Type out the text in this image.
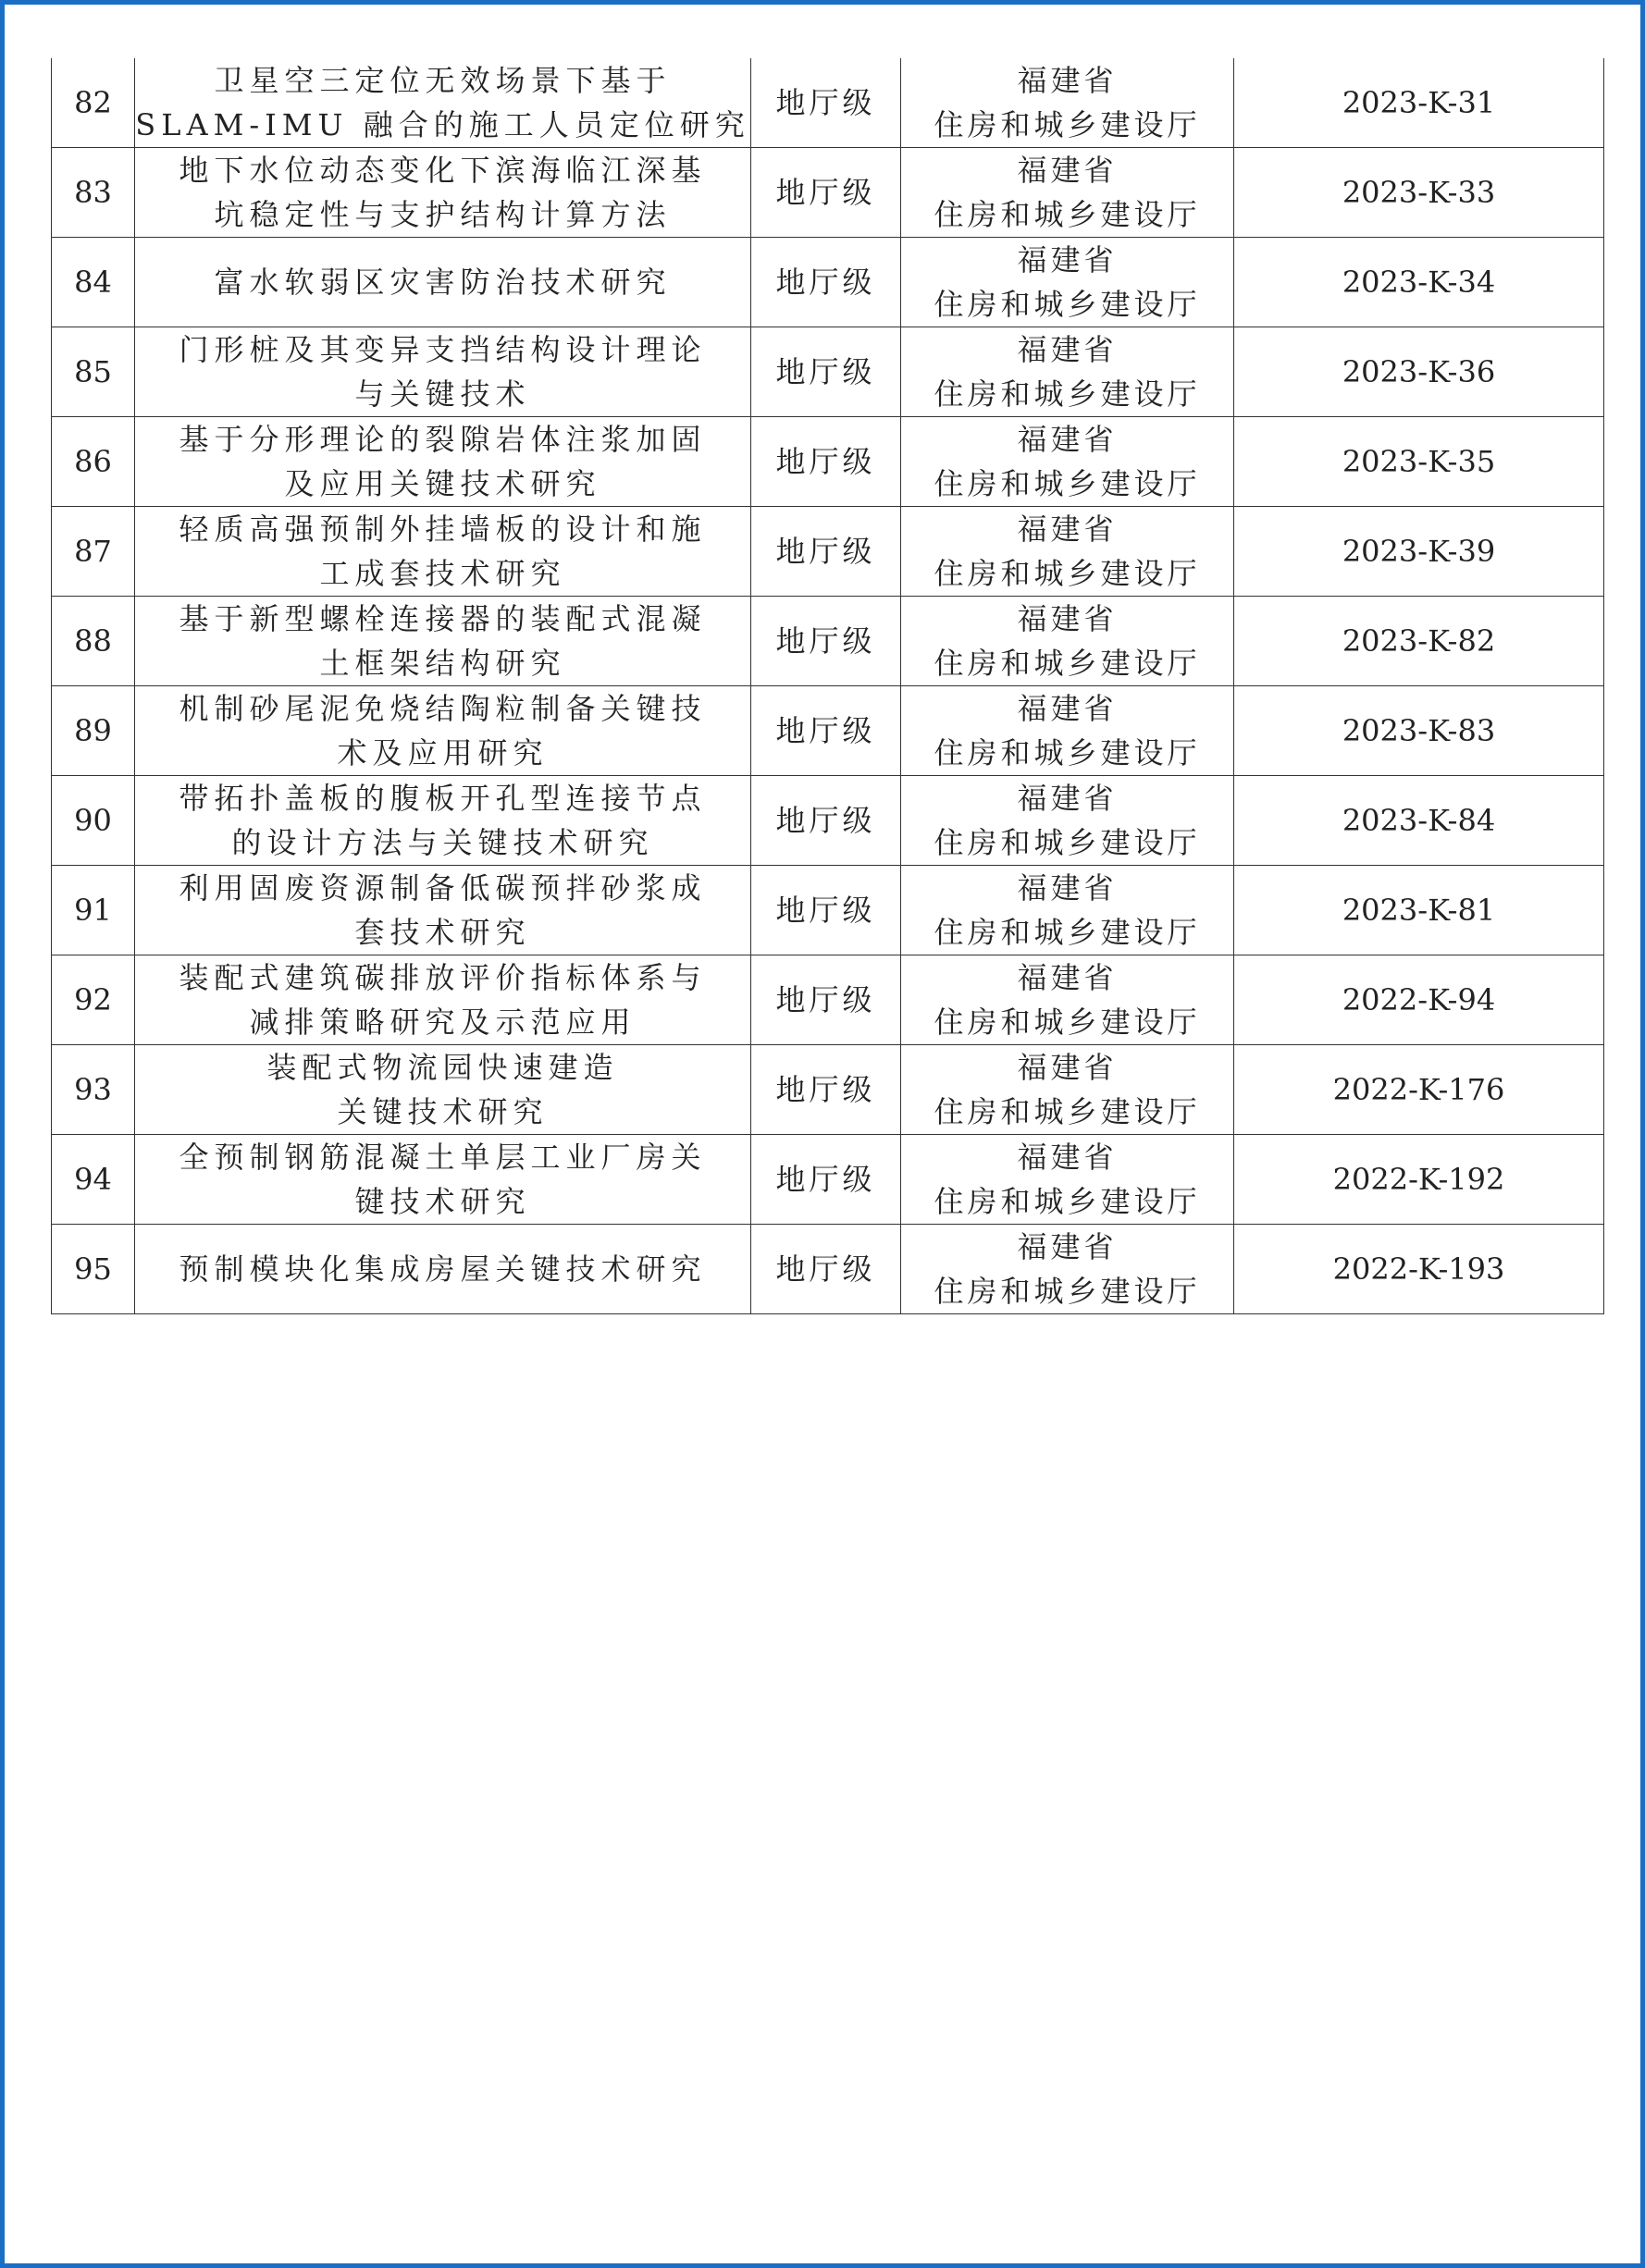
82	卫星空三定位无效场景下基于
SLAM-IMU 融合的施工人员定位研究	地厅级	福建省
住房和城乡建设厅	2023-K-31

83	地下水位动态变化下滨海临江深基
坑稳定性与支护结构计算方法	地厅级	福建省
住房和城乡建设厅	2023-K-33

84	富水软弱区灾害防治技术研究	地厅级	福建省
住房和城乡建设厅	2023-K-34

85	门形桩及其变异支挡结构设计理论
与关键技术	地厅级	福建省
住房和城乡建设厅	2023-K-36

86	基于分形理论的裂隙岩体注浆加固
及应用关键技术研究	地厅级	福建省
住房和城乡建设厅	2023-K-35

87	轻质高强预制外挂墙板的设计和施
工成套技术研究	地厅级	福建省
住房和城乡建设厅	2023-K-39

88	基于新型螺栓连接器的装配式混凝
土框架结构研究	地厅级	福建省
住房和城乡建设厅	2023-K-82

89	机制砂尾泥免烧结陶粒制备关键技
术及应用研究	地厅级	福建省
住房和城乡建设厅	2023-K-83

90	带拓扑盖板的腹板开孔型连接节点
的设计方法与关键技术研究	地厅级	福建省
住房和城乡建设厅	2023-K-84

91	利用固废资源制备低碳预拌砂浆成
套技术研究	地厅级	福建省
住房和城乡建设厅	2023-K-81

92	装配式建筑碳排放评价指标体系与
减排策略研究及示范应用	地厅级	福建省
住房和城乡建设厅	2022-K-94

93	装配式物流园快速建造
关键技术研究	地厅级	福建省
住房和城乡建设厅	2022-K-176

94	全预制钢筋混凝土单层工业厂房关
键技术研究	地厅级	福建省
住房和城乡建设厅	2022-K-192

95	预制模块化集成房屋关键技术研究	地厅级	福建省
住房和城乡建设厅	2022-K-193
